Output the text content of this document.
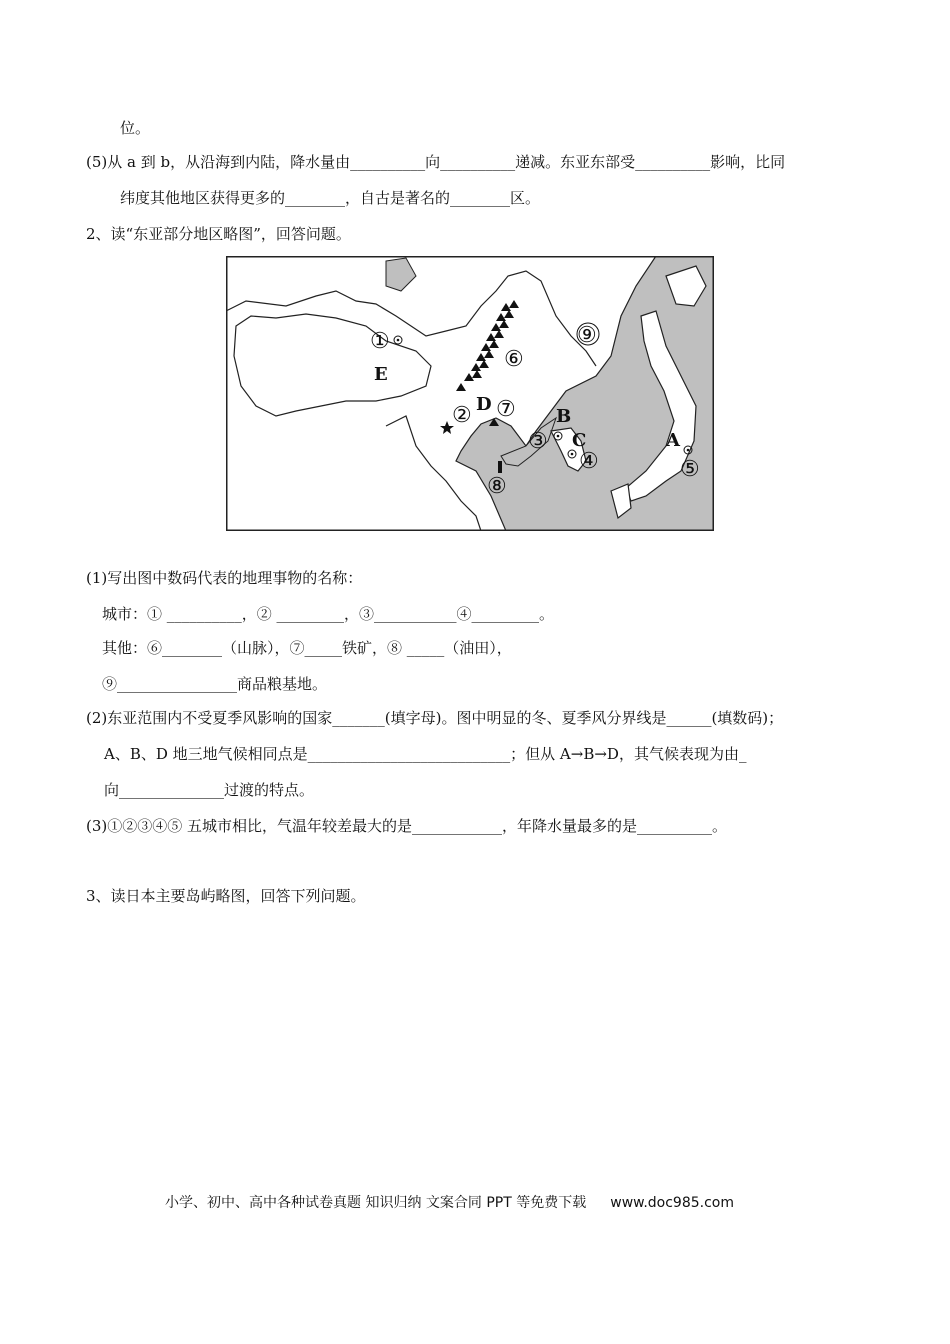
位。
(5)从 a 到 b，从沿海到内陆，降水量由__________向__________递减。东亚东部受__________影响，比同
纬度其他地区获得更多的________，自古是著名的________区。
2、读“东亚部分地区略图”，回答问题。
①
②
③
④	⑤
⑥
⑦
⑧
⑨
A
B
C
D
E
(1)写出图中数码代表的地理事物的名称：
城市：① __________，② _________，③___________④_________。
其他：⑥________（山脉），⑦_____铁矿，⑧ _____（油田），
⑨________________商品粮基地。
(2)东亚范围内不受夏季风影响的国家_______(填字母)。图中明显的冬、夏季风分界线是______(填数码)；
A、B、D 地三地气候相同点是___________________________；但从 A→B→D，其气候表现为由_
向______________过渡的特点。
(3)①②③④⑤ 五城市相比，气温年较差最大的是____________，年降水量最多的是__________。
3、读日本主要岛屿略图，回答下列问题。
小学、初中、高中各种试卷真题 知识归纳 文案合同 PPT 等免费下载 www.doc985.com
